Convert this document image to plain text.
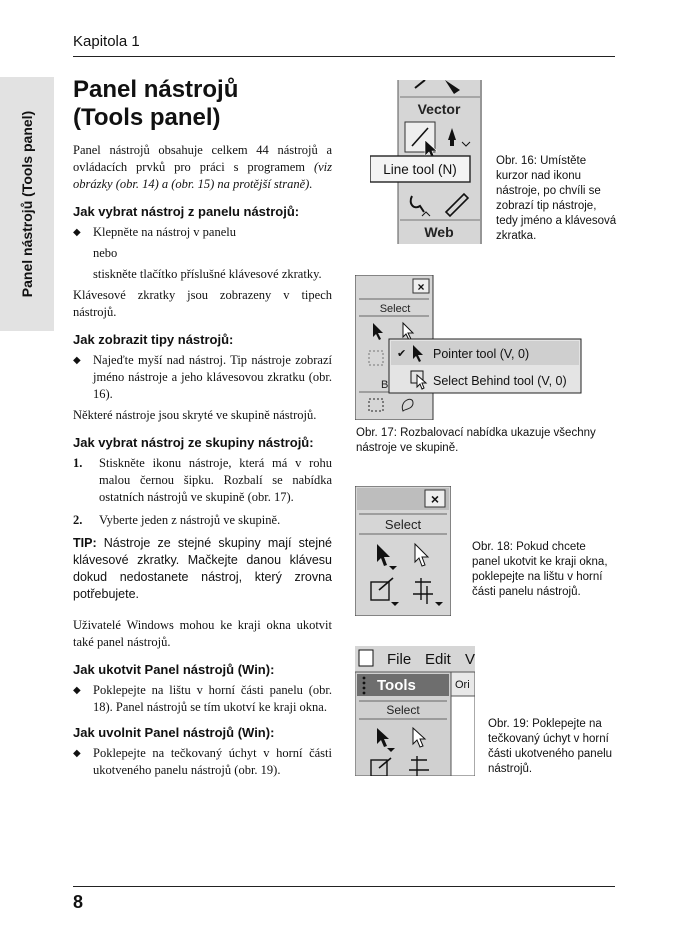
Kapitola 1
Panel nástrojů (Tools panel)
Panel nástrojů
(Tools panel)

Panel nástrojů obsahuje celkem 44 nástrojů a ovládacích prvků pro práci s programem (viz obrázky (obr. 14) a (obr. 15) na protější straně).

Jak vybrat nástroj z panelu nástrojů:
◆ Klepněte na nástroj v panelu
nebo
stiskněte tlačítko příslušné klávesové zkratky.

Klávesové zkratky jsou zobrazeny v tipech nástrojů.

Jak zobrazit tipy nástrojů:
◆ Najeďte myší nad nástroj. Tip nástroje zobrazí jméno nástroje a jeho klávesovou zkratku (obr. 16).

Některé nástroje jsou skryté ve skupině nástrojů.

Jak vybrat nástroj ze skupiny nástrojů:
1. Stiskněte ikonu nástroje, která má v rohu malou černou šipku. Rozbalí se nabídka ostatních nástrojů ve skupině (obr. 17).
2. Vyberte jeden z nástrojů ve skupině.
TIP: Nástroje ze stejné skupiny mají stejné klávesové zkratky. Mačkejte danou klávesu dokud nedostanete nástroj, který zrovna potřebujete.

Uživatelé Windows mohou ke kraji okna ukotvit také panel nástrojů.

Jak ukotvit Panel nástrojů (Win):
◆ Poklepejte na lištu v horní části panelu (obr. 18). Panel nástrojů se tím ukotví ke kraji okna.
Jak uvolnit Panel nástrojů (Win):
◆ Poklepejte na tečkovaný úchyt v horní části ukotveného panelu nástrojů (obr. 19).
Vector
Line tool (N)
Web
Obr. 16: Umístěte kurzor nad ikonu nástroje, po chvíli se zobrazí tip nástroje, tedy jméno a klávesová zkratka.
×
Select
B
✔ Pointer tool (V, 0)
Select Behind tool (V, 0)
Obr. 17: Rozbalovací nabídka ukazuje všechny nástroje ve skupině.
×
Select
Obr. 18: Pokud chcete panel ukotvit ke kraji okna, poklepejte na lištu v horní části panelu nástrojů.
File Edit V
Tools	Ori
Select
Obr. 19: Poklepejte na tečkovaný úchyt v horní části ukotveného panelu nástrojů.
8
